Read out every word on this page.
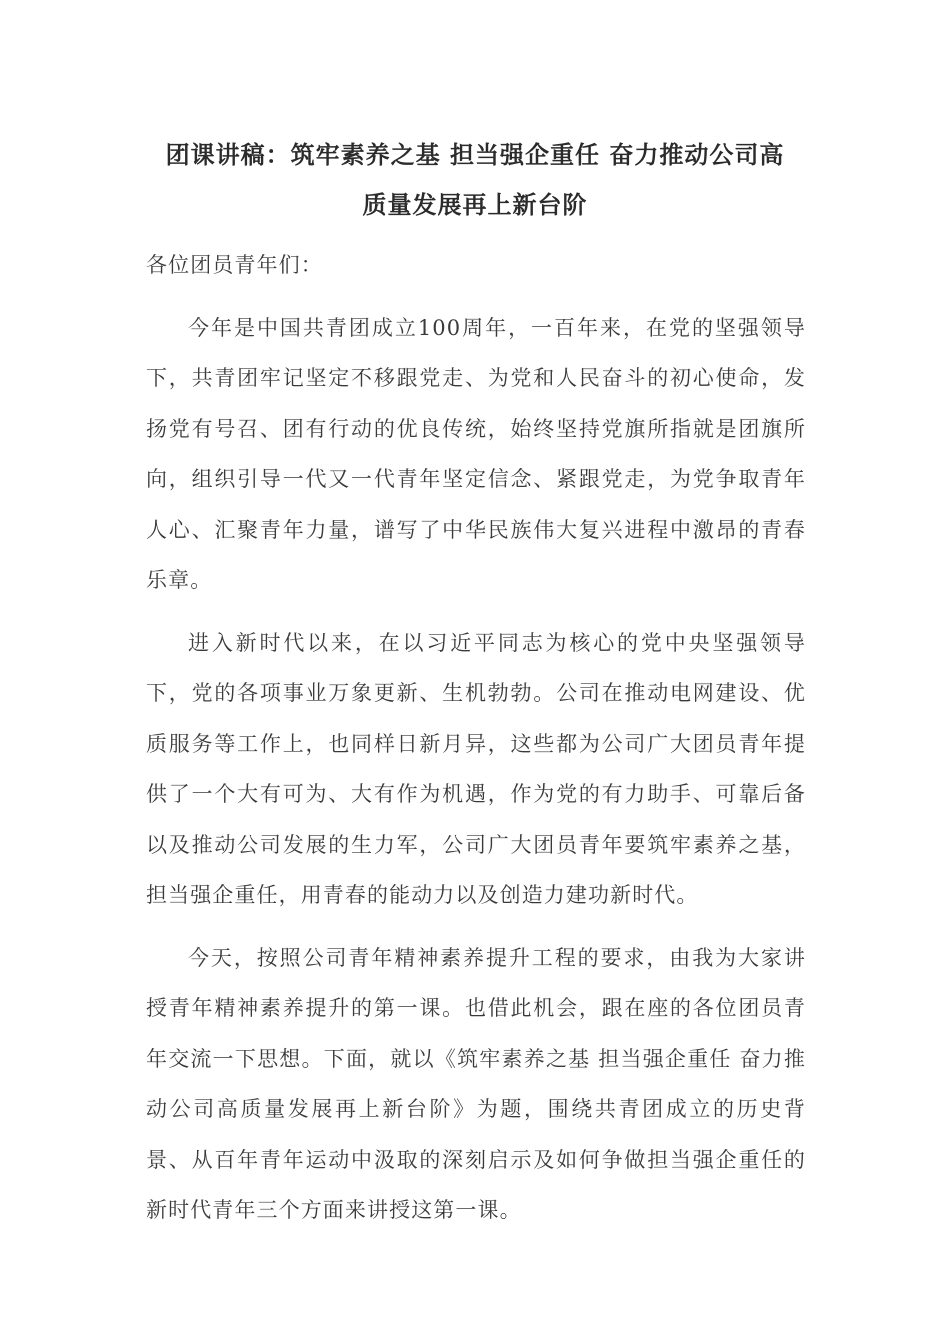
团课讲稿：筑牢素养之基 担当强企重任 奋力推动公司高
质量发展再上新台阶

各位团员青年们：

今年是中国共青团成立100周年，一百年来，在党的坚强领导下，共青团牢记坚定不移跟党走、为党和人民奋斗的初心使命，发扬党有号召、团有行动的优良传统，始终坚持党旗所指就是团旗所向，组织引导一代又一代青年坚定信念、紧跟党走，为党争取青年人心、汇聚青年力量，谱写了中华民族伟大复兴进程中激昂的青春乐章。

进入新时代以来，在以习近平同志为核心的党中央坚强领导下，党的各项事业万象更新、生机勃勃。公司在推动电网建设、优质服务等工作上，也同样日新月异，这些都为公司广大团员青年提供了一个大有可为、大有作为机遇，作为党的有力助手、可靠后备以及推动公司发展的生力军，公司广大团员青年要筑牢素养之基，担当强企重任，用青春的能动力以及创造力建功新时代。

今天，按照公司青年精神素养提升工程的要求，由我为大家讲授青年精神素养提升的第一课。也借此机会，跟在座的各位团员青年交流一下思想。下面，就以《筑牢素养之基 担当强企重任 奋力推动公司高质量发展再上新台阶》为题，围绕共青团成立的历史背景、从百年青年运动中汲取的深刻启示及如何争做担当强企重任的新时代青年三个方面来讲授这第一课。
